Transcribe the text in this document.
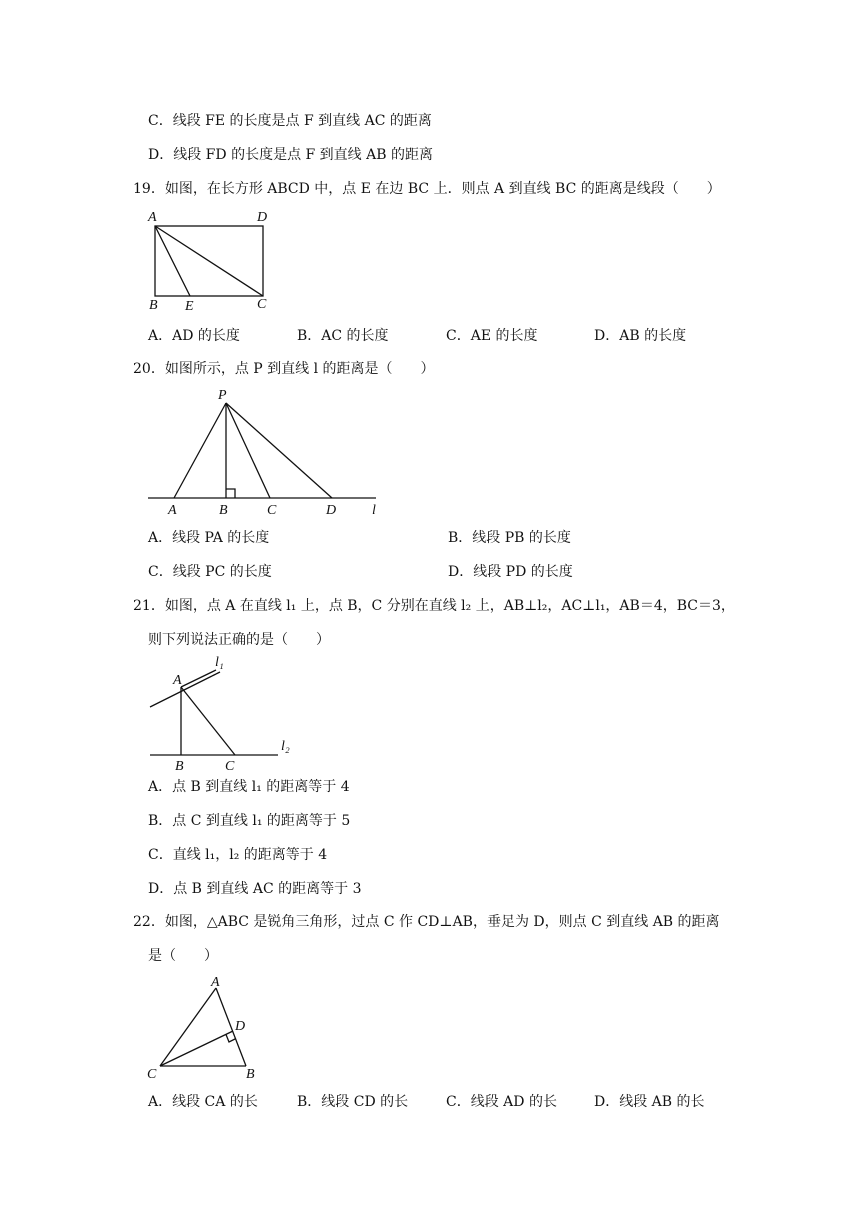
C．线段 FE 的长度是点 F 到直线 AC 的距离
D．线段 FD 的长度是点 F 到直线 AB 的距离
19．如图，在长方形 ABCD 中，点 E 在边 BC 上．则点 A 到直线 BC 的距离是线段（　　）
A	D
B E	C
A．AD 的长度	B．AC 的长度	C．AE 的长度	D．AB 的长度
20．如图所示，点 P 到直线 l 的距离是（　　）
P
A	B	C	D	l
A．线段 PA 的长度	B．线段 PB 的长度
C．线段 PC 的长度	D．线段 PD 的长度
21．如图，点 A 在直线 l₁ 上，点 B，C 分别在直线 l₂ 上，AB⊥l₂，AC⊥l₁，AB＝4，BC＝3，
则下列说法正确的是（　　）
A
B	C
l₁
l₂
A．点 B 到直线 l₁ 的距离等于 4
B．点 C 到直线 l₁ 的距离等于 5
C．直线 l₁，l₂ 的距离等于 4
D．点 B 到直线 AC 的距离等于 3
22．如图，△ABC 是锐角三角形，过点 C 作 CD⊥AB，垂足为 D，则点 C 到直线 AB 的距离
是（　　）
A
D
C	B
A．线段 CA 的长	B．线段 CD 的长	C．线段 AD 的长	D．线段 AB 的长
